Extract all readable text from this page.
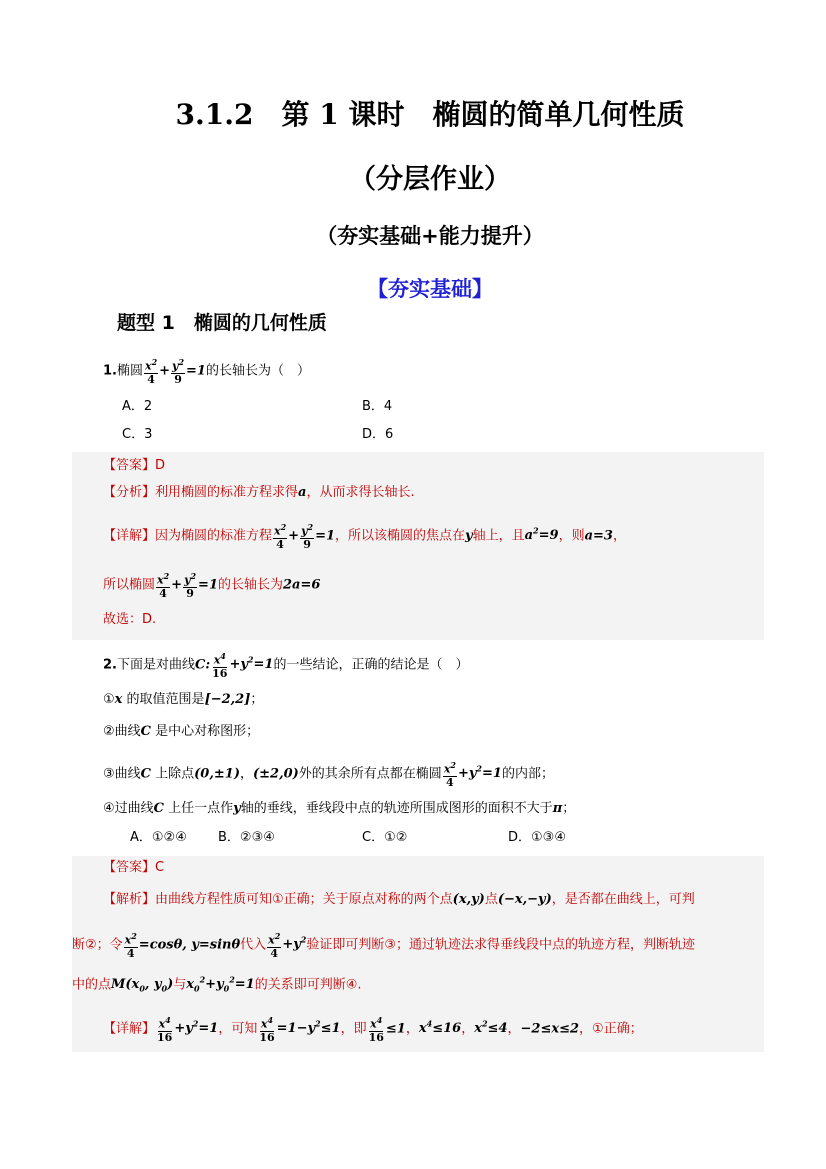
3.1.2　第 1 课时　椭圆的简单几何性质
（分层作业）
（夯实基础+能力提升）
【夯实基础】
题型 1　椭圆的几何性质
1.椭圆 $\frac{x^2}{4} + \frac{y^2}{9} =1$的长轴长为（　）
A．2	B．4
C．3	D．6
【答案】D
【分析】利用椭圆的标准方程求得a，从而求得长轴长.
【详解】因为椭圆的标准方程 $\frac{x^2}{4} + \frac{y^2}{9} =1$，所以该椭圆的焦点在y轴上，且$a^2=9$，则a=3，
所以椭圆 $\frac{x^2}{4} + \frac{y^2}{9} =1$的长轴长为2a=6
故选：D.
2.下面是对曲线C: $\frac{x^4}{16} +y^2=1$的一些结论，正确的结论是（　）
①x 的取值范围是[−2,2]；
②曲线C 是中心对称图形；
③曲线C 上除点(0,±1)，(±2,0)外的其余所有点都在椭圆 $\frac{x^2}{4} +y^2=1$的内部；
④过曲线C 上任一点作y轴的垂线，垂线段中点的轨迹所围成图形的面积不大于π；
A．①②④ B．②③④	C．①②	D．①③④
【答案】C
【解析】由曲线方程性质可知①正确；关于原点对称的两个点(x,y)点(−x,−y)，是否都在曲线上，可判
断②；令 $\frac{x^2}{4} =\cos\theta$, y=sinθ代入 $\frac{x^2}{4} +y^2$验证即可判断③；通过轨迹法求得垂线段中点的轨迹方程，判断轨迹
中的点$M(x_0$, $y_0$)与$x_0^2+y_0^2=1$的关系即可判断④.
【详解】 $\frac{x^4}{16} +y^2=1$，可知 $\frac{x^4}{16} =1-y^2\le 1$，即 $\frac{x^4}{16} \le 1$，$x^4\le 16$，$x^2\le 4$，−2≤x≤2，①正确；
